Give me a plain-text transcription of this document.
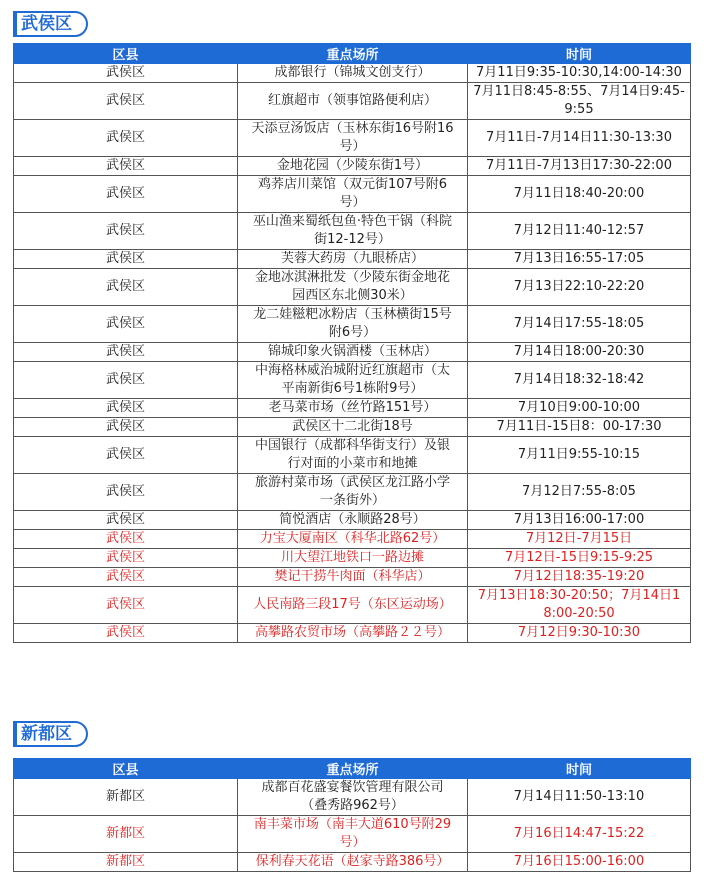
武侯区
区县	重点场所	时间
武侯区	成都银行（锦城文创支行）	7月11日9:35-10:30,14:00-14:30
武侯区	红旗超市（领事馆路便利店）	7月11日8:45-8:55、7月14日9:45-9:55
武侯区	天添豆汤饭店（玉林东街16号附16号）	7月11日-7月14日11:30-13:30
武侯区	金地花园（少陵东街1号）	7月11日-7月13日17:30-22:00
武侯区	鸡荞店川菜馆（双元街107号附6号）	7月11日18:40-20:00
武侯区	巫山渔来蜀纸包鱼·特色干锅（科院街12-12号）	7月12日11:40-12:57
武侯区	芙蓉大药房（九眼桥店）	7月13日16:55-17:05
武侯区	金地冰淇淋批发（少陵东街金地花园西区东北侧30米）	7月13日22:10-22:20
武侯区	龙二娃糍粑冰粉店（玉林横街15号附6号）	7月14日17:55-18:05
武侯区	锦城印象火锅酒楼（玉林店）	7月14日18:00-20:30
武侯区	中海格林威治城附近红旗超市（太平南新街6号1栋附9号）	7月14日18:32-18:42
武侯区	老马菜市场（丝竹路151号）	7月10日9:00-10:00
武侯区	武侯区十二北街18号	7月11日-15日8：00-17:30
武侯区	中国银行（成都科华街支行）及银行对面的小菜市和地摊	7月11日9:55-10:15
武侯区	旅游村菜市场（武侯区龙江路小学一条街外）	7月12日7:55-8:05
武侯区	简悦酒店（永顺路28号）	7月13日16:00-17:00
武侯区	力宝大厦南区（科华北路62号）	7月12日-7月15日
武侯区	川大望江地铁口一路边摊	7月12日-15日9:15-9:25
武侯区	樊记干捞牛肉面（科华店）	7月12日18:35-19:20
武侯区	人民南路三段17号（东区运动场）	7月13日18:30-20:50；7月14日18:00-20:50
武侯区	高攀路农贸市场（高攀路２２号）	7月12日9:30-10:30
新都区
区县	重点场所	时间
新都区	成都百花盛宴餐饮管理有限公司（叠秀路962号）	7月14日11:50-13:10
新都区	南丰菜市场（南丰大道610号附29号）	7月16日14:47-15:22
新都区	保利春天花语（赵家寺路386号）	7月16日15:00-16:00
